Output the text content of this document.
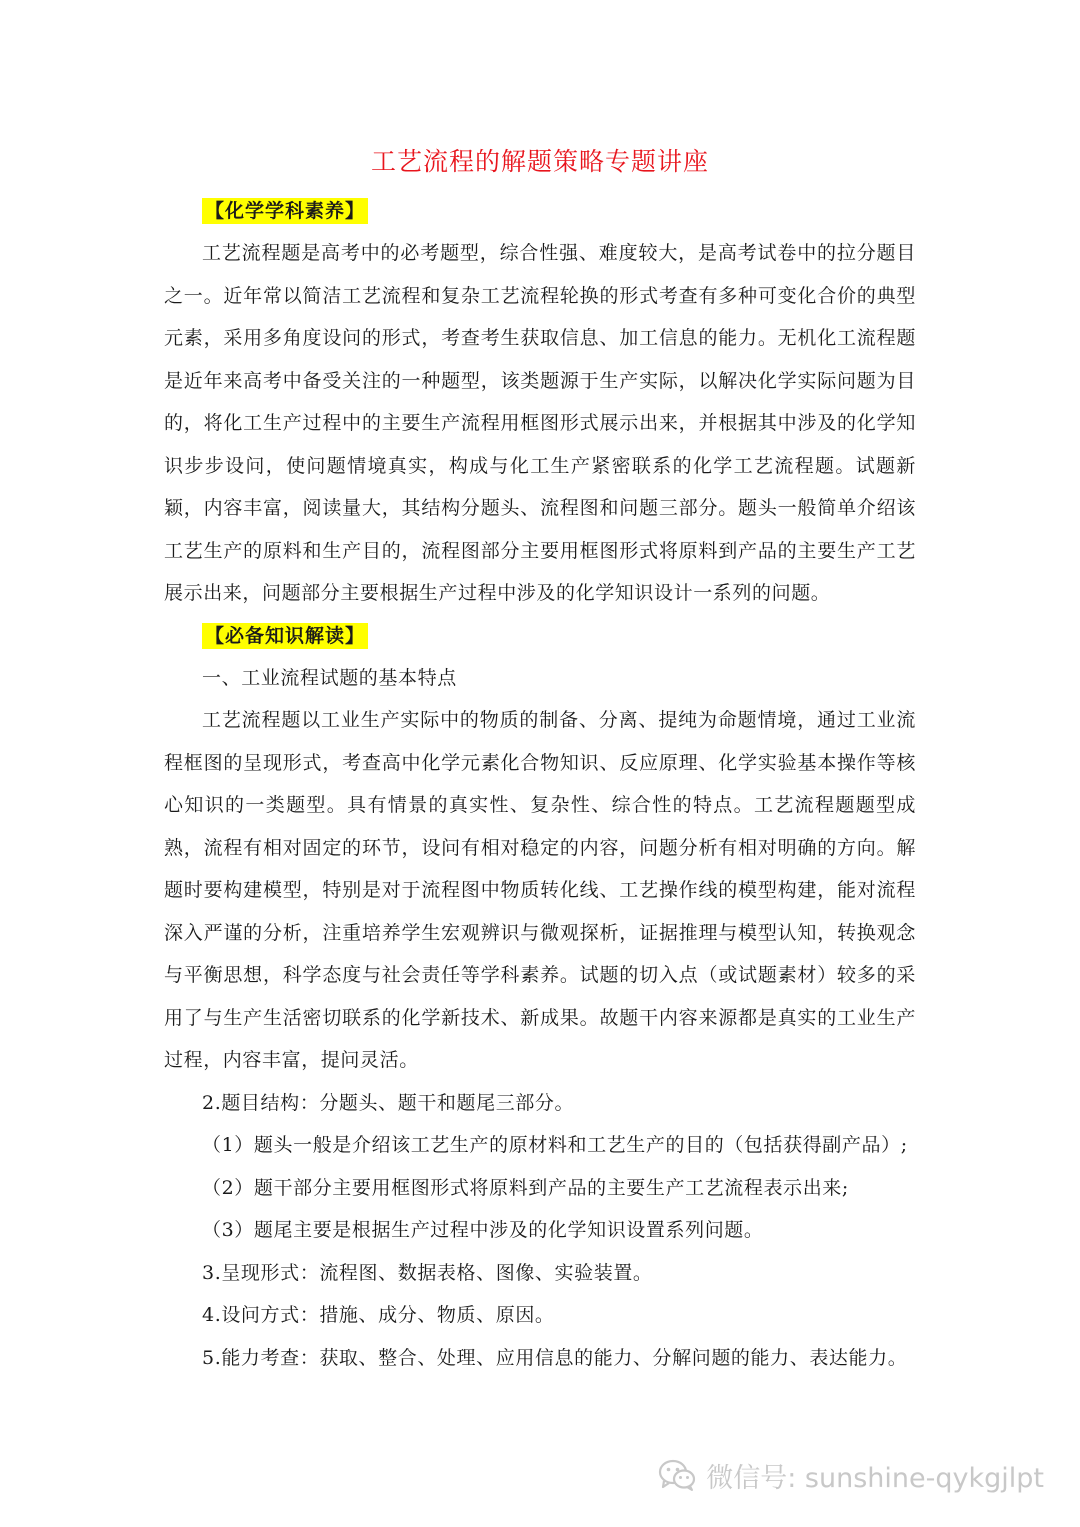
工艺流程的解题策略专题讲座

【化学学科素养】

工艺流程题是高考中的必考题型，综合性强、难度较大，是高考试卷中的拉分题目之一。近年常以简洁工艺流程和复杂工艺流程轮换的形式考查有多种可变化合价的典型元素，采用多角度设问的形式，考查考生获取信息、加工信息的能力。无机化工流程题是近年来高考中备受关注的一种题型，该类题源于生产实际，以解决化学实际问题为目的，将化工生产过程中的主要生产流程用框图形式展示出来，并根据其中涉及的化学知识步步设问，使问题情境真实，构成与化工生产紧密联系的化学工艺流程题。试题新颖，内容丰富，阅读量大，其结构分题头、流程图和问题三部分。题头一般简单介绍该工艺生产的原料和生产目的，流程图部分主要用框图形式将原料到产品的主要生产工艺展示出来，问题部分主要根据生产过程中涉及的化学知识设计一系列的问题。

【必备知识解读】

一、工业流程试题的基本特点

工艺流程题以工业生产实际中的物质的制备、分离、提纯为命题情境，通过工业流程框图的呈现形式，考查高中化学元素化合物知识、反应原理、化学实验基本操作等核心知识的一类题型。具有情景的真实性、复杂性、综合性的特点。工艺流程题题型成熟，流程有相对固定的环节，设问有相对稳定的内容，问题分析有相对明确的方向。解题时要构建模型，特别是对于流程图中物质转化线、工艺操作线的模型构建，能对流程深入严谨的分析，注重培养学生宏观辨识与微观探析，证据推理与模型认知，转换观念与平衡思想，科学态度与社会责任等学科素养。试题的切入点（或试题素材）较多的采用了与生产生活密切联系的化学新技术、新成果。故题干内容来源都是真实的工业生产过程，内容丰富，提问灵活。

2.题目结构：分题头、题干和题尾三部分。

（1）题头一般是介绍该工艺生产的原材料和工艺生产的目的（包括获得副产品）;

（2）题干部分主要用框图形式将原料到产品的主要生产工艺流程表示出来;

（3）题尾主要是根据生产过程中涉及的化学知识设置系列问题。

3.呈现形式：流程图、数据表格、图像、实验装置。

4.设问方式：措施、成分、物质、原因。

5.能力考查：获取、整合、处理、应用信息的能力、分解问题的能力、表达能力。

微信号: sunshine-qykgjlpt
